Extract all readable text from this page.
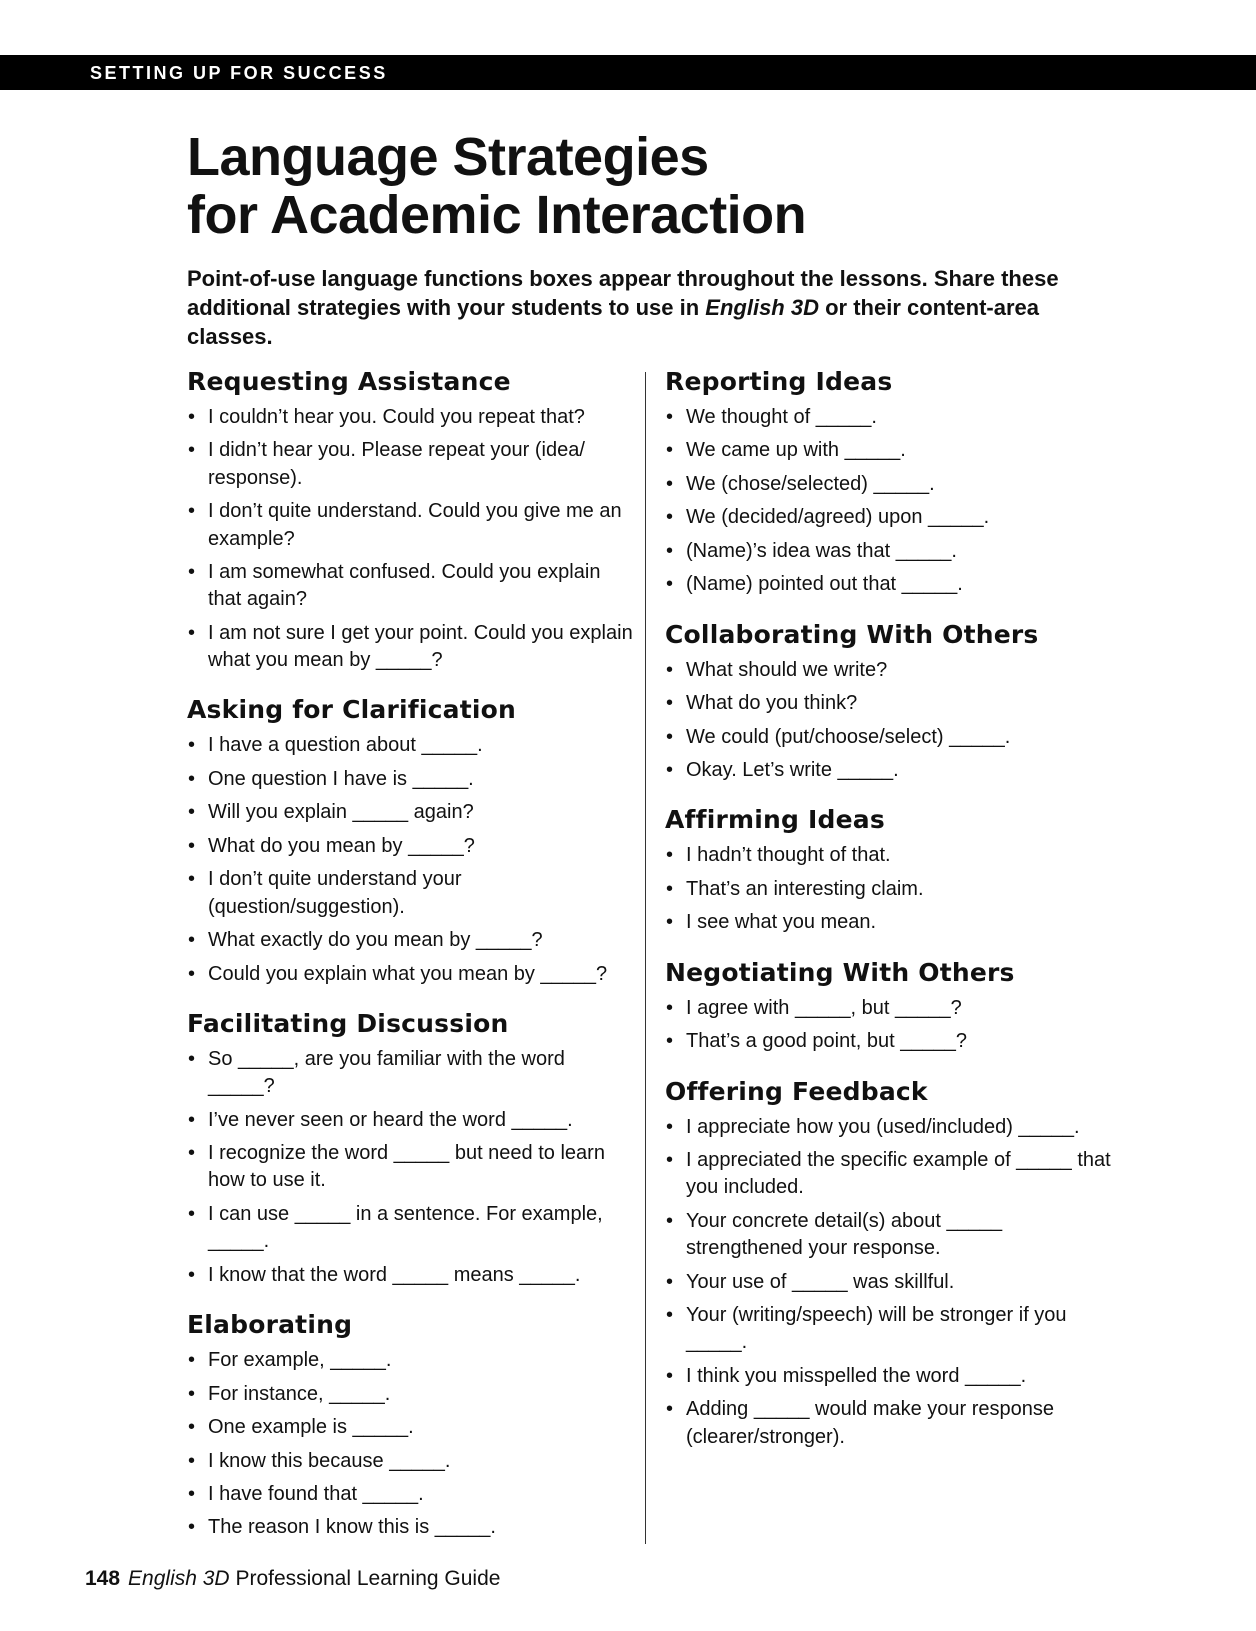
SETTING UP FOR SUCCESS
Language Strategies
for Academic Interaction

Point-of-use language functions boxes appear throughout the lessons. Share these additional strategies with your students to use in English 3D or their content-area classes.

Requesting Assistance
• I couldn’t hear you. Could you repeat that?
• I didn’t hear you. Please repeat your (idea/ response).
• I don’t quite understand. Could you give me an example?
• I am somewhat confused. Could you explain that again?
• I am not sure I get your point. Could you explain what you mean by _____?
Asking for Clarification
• I have a question about _____.
• One question I have is _____.
• Will you explain _____ again?
• What do you mean by _____?
• I don’t quite understand your (question/suggestion).
• What exactly do you mean by _____?
• Could you explain what you mean by _____?
Facilitating Discussion
• So _____, are you familiar with the word _____?
• I’ve never seen or heard the word _____.
• I recognize the word _____ but need to learn how to use it.
• I can use _____ in a sentence. For example, _____.
• I know that the word _____ means _____.
Elaborating
• For example, _____.
• For instance, _____.
• One example is _____.
• I know this because _____.
• I have found that _____.
• The reason I know this is _____.
Reporting Ideas
• We thought of _____.
• We came up with _____.
• We (chose/selected) _____.
• We (decided/agreed) upon _____.
• (Name)’s idea was that _____.
• (Name) pointed out that _____.
Collaborating With Others
• What should we write?
• What do you think?
• We could (put/choose/select) _____.
• Okay. Let’s write _____.
Affirming Ideas
• I hadn’t thought of that.
• That’s an interesting claim.
• I see what you mean.
Negotiating With Others
• I agree with _____, but _____?
• That’s a good point, but _____?
Offering Feedback
• I appreciate how you (used/included) _____.
• I appreciated the specific example of _____ that you included.
• Your concrete detail(s) about _____ strengthened your response.
• Your use of _____ was skillful.
• Your (writing/speech) will be stronger if you _____.
• I think you misspelled the word _____.
• Adding _____ would make your response (clearer/stronger).
148 English 3D Professional Learning Guide
